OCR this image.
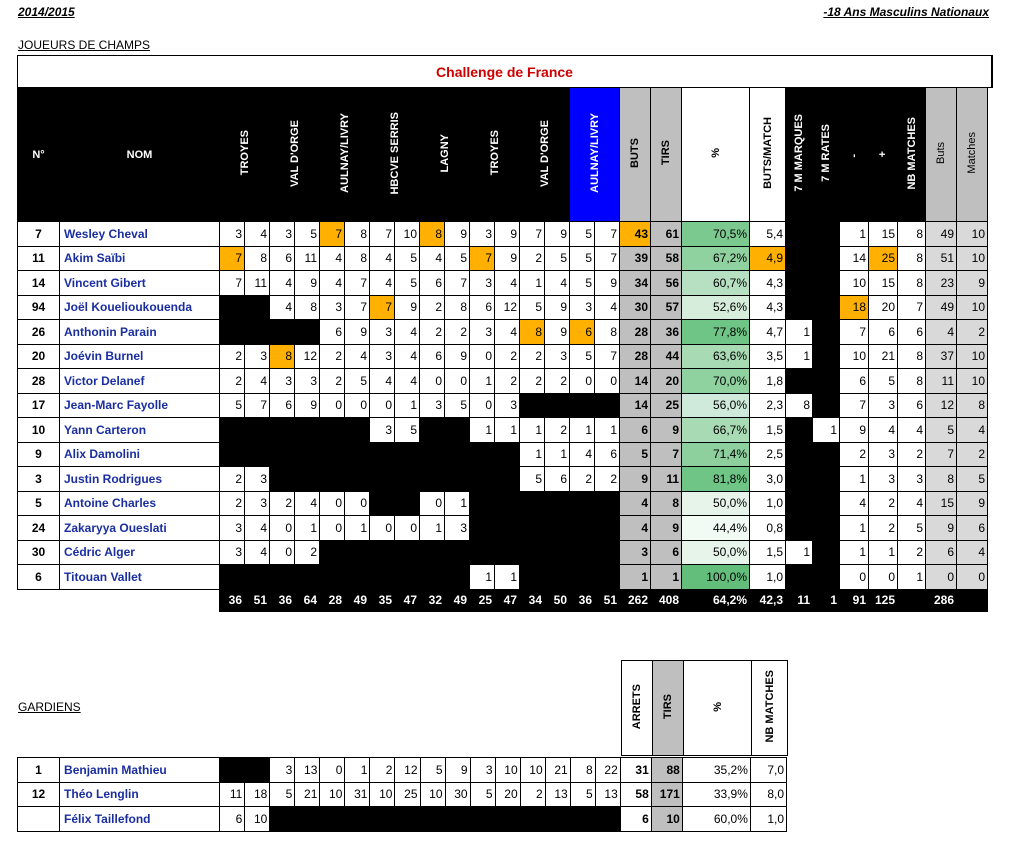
2014/2015	-18 Ans Masculins Nationaux
JOUEURS DE CHAMPS
Challenge de France	
N°	NOM	TROYES		VAL D'ORGE		AULNAY/LIVRY		HBCVE SERRIS		LAGNY		TROYES		VAL D'ORGE		AULNAY/LIVRY		BUTS	TIRS	%	BUTS/MATCH	7 M MARQUES	7 M RATES	-	+	NB MATCHES	Buts	Matches	
7	Wesley Cheval	3	4	3	5	7	8	7	10	8	9	3	9	7	9	5	7	43	61	70,5%	5,4			1	15	8	49	10	
11	Akim Saïbi	7	8	6	11	4	8	4	5	4	5	7	9	2	5	5	7	39	58	67,2%	4,9			14	25	8	51	10	
14	Vincent Gibert	7	11	4	9	4	7	4	5	6	7	3	4	1	4	5	9	34	56	60,7%	4,3			10	15	8	23	9	
94	Joël Kouelioukouenda			4	8	3	7	7	9	2	8	6	12	5	9	3	4	30	57	52,6%	4,3			18	20	7	49	10	
26	Anthonin Parain					6	9	3	4	2	2	3	4	8	9	6	8	28	36	77,8%	4,7	1		7	6	6	4	2	
20	Joévin Burnel	2	3	8	12	2	4	3	4	6	9	0	2	2	3	5	7	28	44	63,6%	3,5	1		10	21	8	37	10	
28	Victor Delanef	2	4	3	3	2	5	4	4	0	0	1	2	2	2	0	0	14	20	70,0%	1,8			6	5	8	11	10	
17	Jean-Marc Fayolle	5	7	6	9	0	0	0	1	3	5	0	3					14	25	56,0%	2,3	8		7	3	6	12	8	
10	Yann Carteron							3	5			1	1	1	2	1	1	6	9	66,7%	1,5		1	9	4	4	5	4	
9	Alix Damolini													1	1	4	6	5	7	71,4%	2,5			2	3	2	7	2	
3	Justin Rodrigues	2	3											5	6	2	2	9	11	81,8%	3,0			1	3	3	8	5	
5	Antoine Charles	2	3	2	4	0	0			0	1							4	8	50,0%	1,0			4	2	4	15	9	
24	Zakaryya Oueslati	3	4	0	1	0	1	0	0	1	3							4	9	44,4%	0,8			1	2	5	9	6	
30	Cédric Alger	3	4	0	2													3	6	50,0%	1,5	1		1	1	2	6	4	
6	Titouan Vallet											1	1					1	1	100,0%	1,0			0	0	1	0	0	
		36	51	36	64	28	49	35	47	32	49	25	47	34	50	36	51	262	408	64,2%	42,3	11	1	91	125		286		
GARDIENS	ARRETS	TIRS	%	NB MATCHES
1	Benjamin Mathieu			3	13	0	1	2	12	5	9	3	10	10	21	8	22	31	88	35,2%	7,0
12	Théo Lenglin	11	18	5	21	10	31	10	25	10	30	5	20	2	13	5	13	58	171	33,9%	8,0
	Félix Taillefond	6	10															6	10	60,0%	1,0
